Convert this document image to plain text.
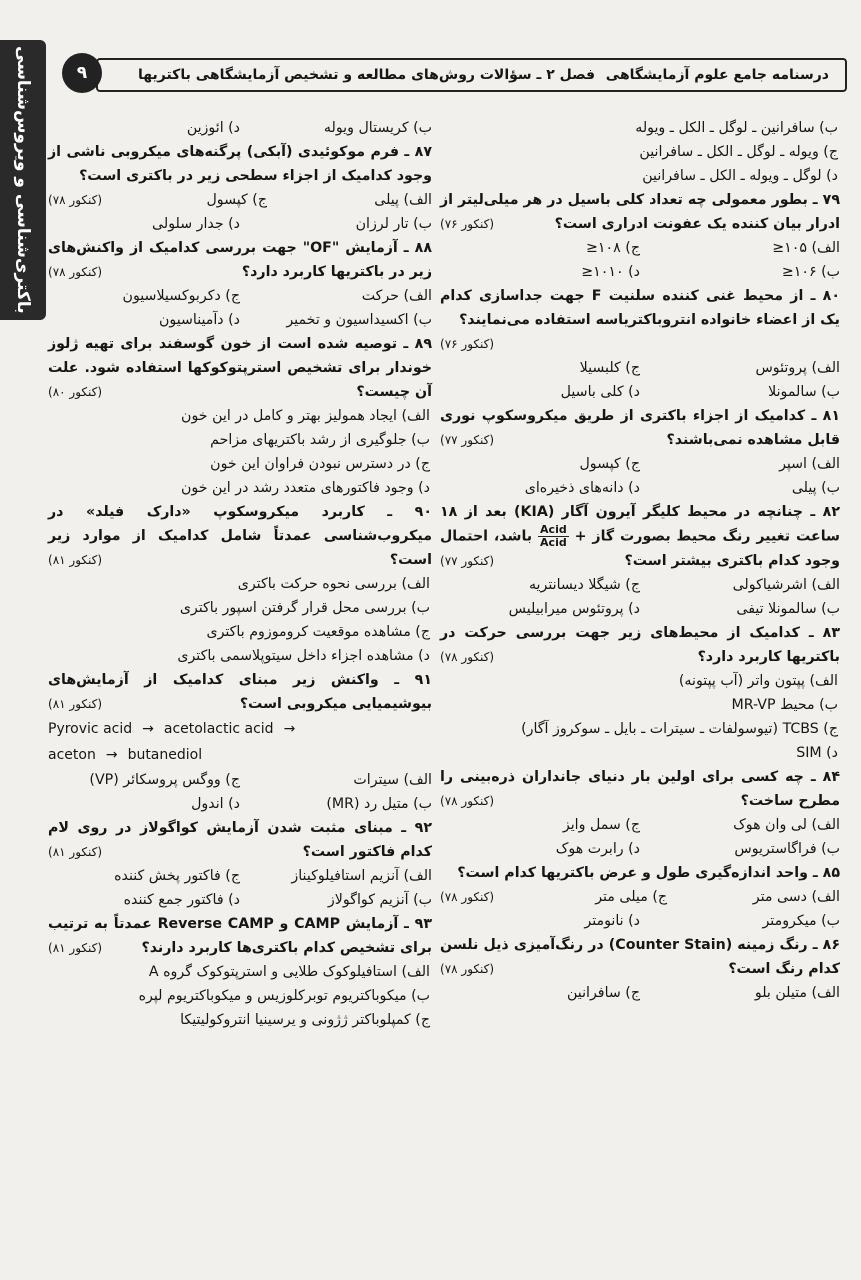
باکتری‌شناسی و ویروس‌شناسی	۹	فصل ۲ ـ سؤالات روش‌های مطالعه و تشخیص آزمایشگاهی باکتریها درسنامه جامع علوم آزمایشگاهی
ب) سافرانین ـ لوگل ـ الکل ـ ویوله
ج) ویوله ـ لوگل ـ الکل ـ سافرانین
د) لوگل ـ ویوله ـ الکل ـ سافرانین
۷۹ ـ بطور معمولی چه تعداد کلی باسیل در هر میلی‌لیتر از ادرار بیان کننده یک عفونت ادراری است؟
(کنکور ۷۶)
الف) ۱۰۵≤
ج) ۱۰۸≤
ب) ۱۰۶≤
د) ۱۰۱۰≤
۸۰ ـ از محیط غنی کننده سلنیت F جهت جداسازی کدام یک از اعضاء خانواده انتروباکتریاسه استفاده می‌نمایند؟

(کنکور ۷۶)
الف) پروتئوس
ج) کلبسیلا
ب) سالمونلا
د) کلی باسیل
۸۱ ـ کدامیک از اجزاء باکتری از طریق میکروسکوپ نوری قابل مشاهده نمی‌باشند؟
(کنکور ۷۷)
الف) اسپر
ج) کپسول
ب) پیلی
د) دانه‌های ذخیره‌ای
۸۲ ـ چنانچه در محیط کلیگر آیرون آگار (KIA) بعد از ۱۸ ساعت تغییر رنگ محیط بصورت گاز +
$\frac{\text{Acid}}{\text{Acid}}$
باشد، احتمال وجود کدام باکتری بیشتر است؟
(کنکور ۷۷)
الف) اشرشیاکولی
ج) شیگلا دیسانتریه
ب) سالمونلا تیفی
د) پروتئوس میرابیلیس
۸۳ ـ کدامیک از محیط‌های زیر جهت بررسی حرکت در باکتریها کاربرد دارد؟
(کنکور ۷۸)
الف) پپتون واتر (آب پپتونه)
ب) محیط MR-VP
ج) TCBS (تیوسولفات ـ سیترات ـ بایل ـ سوکروز آگار)
د) SIM
۸۴ ـ چه کسی برای اولین بار دنیای جانداران ذره‌بینی را مطرح ساخت؟
(کنکور ۷۸)
الف) لی وان هوک
ج) سمل وایز
ب) فراگاستریوس
د) رابرت هوک
۸۵ ـ واحد اندازه‌گیری طول و عرض باکتریها کدام است؟
(کنکور ۷۸)	الف) دسی متر
ج) میلی متر
ب) میکرومتر
د) نانومتر
۸۶ ـ رنگ زمینه (Counter Stain) در رنگ‌آمیزی ذیل نلسن کدام رنگ است؟
(کنکور ۷۸)
الف) متیلن بلو
ج) سافرانین
ب) کریستال ویوله
د) ائوزین
۸۷ ـ فرم موکوئیدی (آبکی) پرگنه‌های میکروبی ناشی از وجود کدامیک از اجزاء سطحی زیر در باکتری است؟
(کنکور ۷۸)	الف) پیلی
ج) کپسول
ب) تار لرزان
د) جدار سلولی
۸۸ ـ آزمایش "OF" جهت بررسی کدامیک از واکنش‌های زیر در باکتریها کاربرد دارد؟
(کنکور ۷۸)
الف) حرکت
ج) دکربوکسیلاسیون
ب) اکسیداسیون و تخمیر
د) دآمیناسیون
۸۹ ـ توصیه شده است از خون گوسفند برای تهیه ژلوز خوندار برای تشخیص استرپتوکوکها استفاده شود. علت آن چیست؟
(کنکور ۸۰)
الف) ایجاد همولیز بهتر و کامل در این خون
ب) جلوگیری از رشد باکتریهای مزاحم
ج) در دسترس نبودن فراوان این خون
د) وجود فاکتورهای متعدد رشد در این خون
۹۰ ـ کاربرد میکروسکوپ «دارک فیلد» در میکروب‌شناسی عمدتاً شامل کدامیک از موارد زیر است؟
(کنکور ۸۱)
الف) بررسی نحوه حرکت باکتری
ب) بررسی محل قرار گرفتن اسپور باکتری
ج) مشاهده موقعیت کروموزوم باکتری
د) مشاهده اجزاء داخل سیتوپلاسمی باکتری
۹۱ ـ واکنش زیر مبنای کدامیک از آزمایش‌های بیوشیمیایی میکروبی است؟
(کنکور ۸۱)
Pyrovic acid → acetolactic acid →
aceton → butanediol
الف) سیترات
ج) ووگس پروسکائر (VP)
ب) متیل رد (MR)
د) اندول
۹۲ ـ مبنای مثبت شدن آزمایش کواگولاز در روی لام کدام فاکتور است؟
(کنکور ۸۱)
الف) آنزیم استافیلوکیناز
ج) فاکتور پخش کننده
ب) آنزیم کواگولاز
د) فاکتور جمع کننده
۹۳ ـ آزمایش CAMP و Reverse CAMP عمدتاً به ترتیب برای تشخیص کدام باکتری‌ها کاربرد دارند؟
(کنکور ۸۱)
الف) استافیلوکوک طلایی و استرپتوکوک گروه A
ب) میکوباکتریوم توبرکلوزیس و میکوباکتریوم لپره
ج) کمپلوباکتر ژژونی و یرسینیا انتروکولیتیکا
